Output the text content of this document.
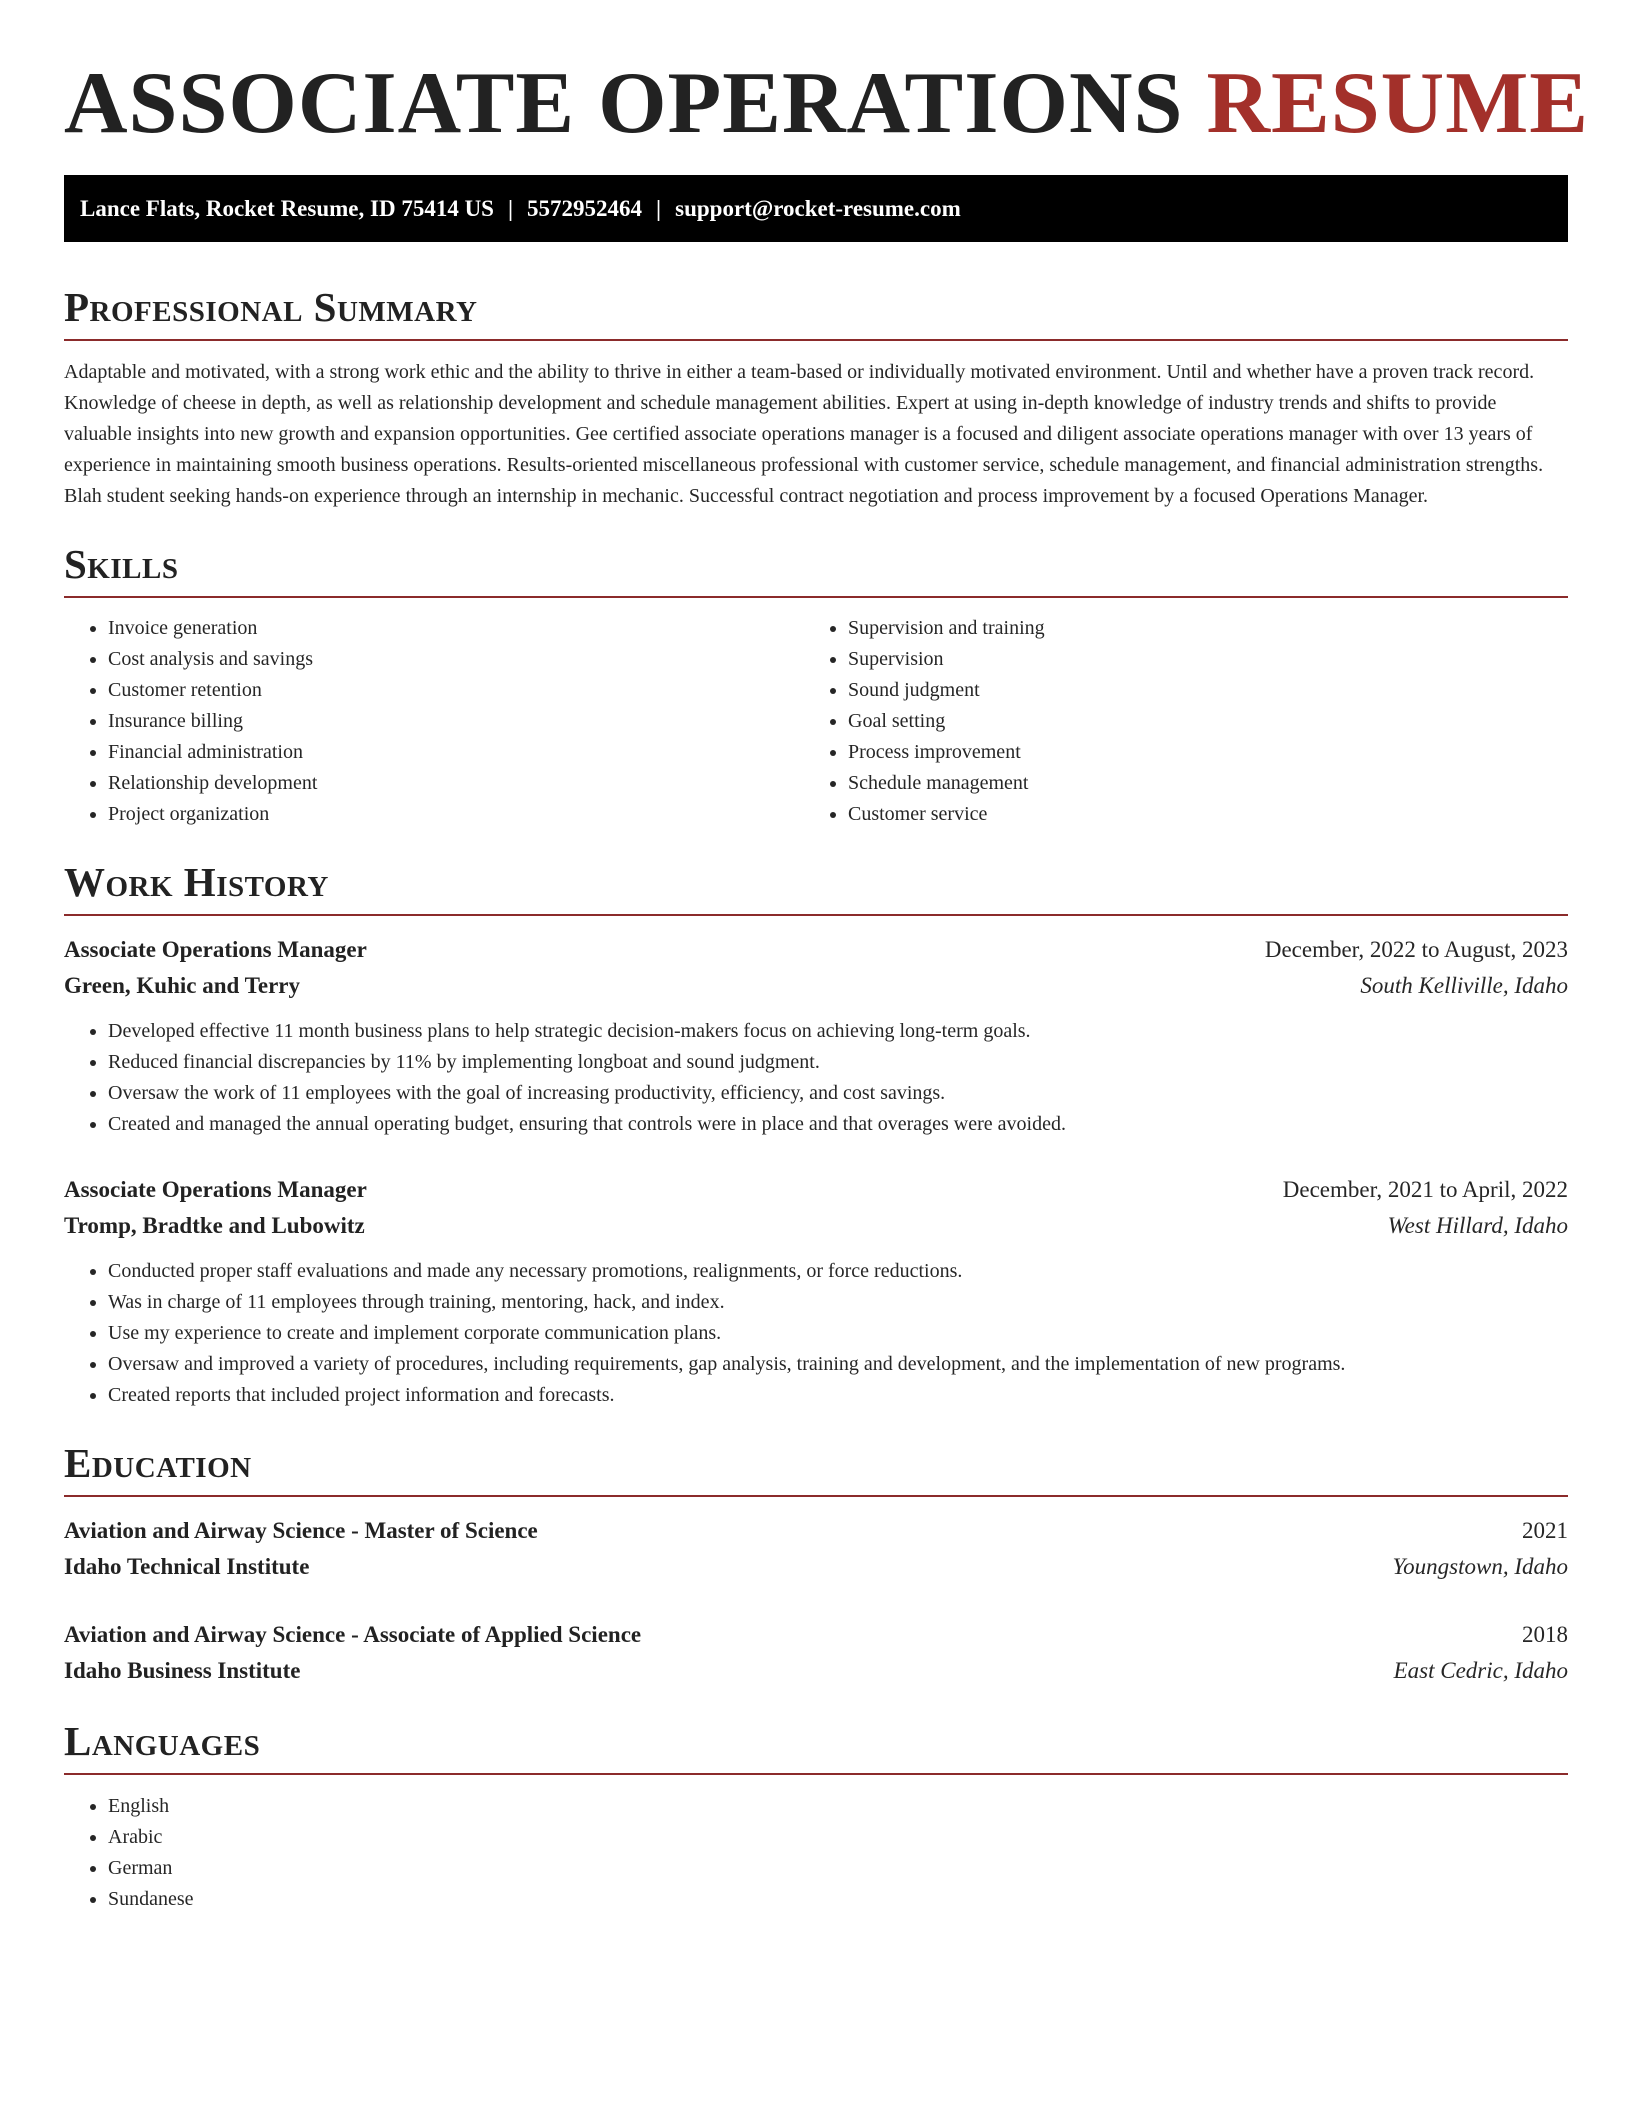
ASSOCIATE OPERATIONS RESUME
Lance Flats, Rocket Resume, ID 75414 US | 5572952464 | support@rocket-resume.com
Professional Summary

Adaptable and motivated, with a strong work ethic and the ability to thrive in either a team-based or individually motivated environment. Until and whether have a proven track record. Knowledge of cheese in depth, as well as relationship development and schedule management abilities. Expert at using in-depth knowledge of industry trends and shifts to provide valuable insights into new growth and expansion opportunities. Gee certified associate operations manager is a focused and diligent associate operations manager with over 13 years of experience in maintaining smooth business operations. Results-oriented miscellaneous professional with customer service, schedule management, and financial administration strengths. Blah student seeking hands-on experience through an internship in mechanic. Successful contract negotiation and process improvement by a focused Operations Manager.

Skills
• Invoice generation
• Cost analysis and savings
• Customer retention
• Insurance billing
• Financial administration
• Relationship development
• Project organization
• Supervision and training
• Supervision
• Sound judgment
• Goal setting
• Process improvement
• Schedule management
• Customer service
Work History
Associate Operations Manager	December, 2022 to August, 2023
Green, Kuhic and Terry	South Kelliville, Idaho
• Developed effective 11 month business plans to help strategic decision-makers focus on achieving long-term goals.
• Reduced financial discrepancies by 11% by implementing longboat and sound judgment.
• Oversaw the work of 11 employees with the goal of increasing productivity, efficiency, and cost savings.
• Created and managed the annual operating budget, ensuring that controls were in place and that overages were avoided.
Associate Operations Manager	December, 2021 to April, 2022
Tromp, Bradtke and Lubowitz	West Hillard, Idaho
• Conducted proper staff evaluations and made any necessary promotions, realignments, or force reductions.
• Was in charge of 11 employees through training, mentoring, hack, and index.
• Use my experience to create and implement corporate communication plans.
• Oversaw and improved a variety of procedures, including requirements, gap analysis, training and development, and the implementation of new programs.
• Created reports that included project information and forecasts.
Education
Aviation and Airway Science - Master of Science	2021
Idaho Technical Institute	Youngstown, Idaho
Aviation and Airway Science - Associate of Applied Science	2018
Idaho Business Institute	East Cedric, Idaho
Languages
• English
• Arabic
• German
• Sundanese
